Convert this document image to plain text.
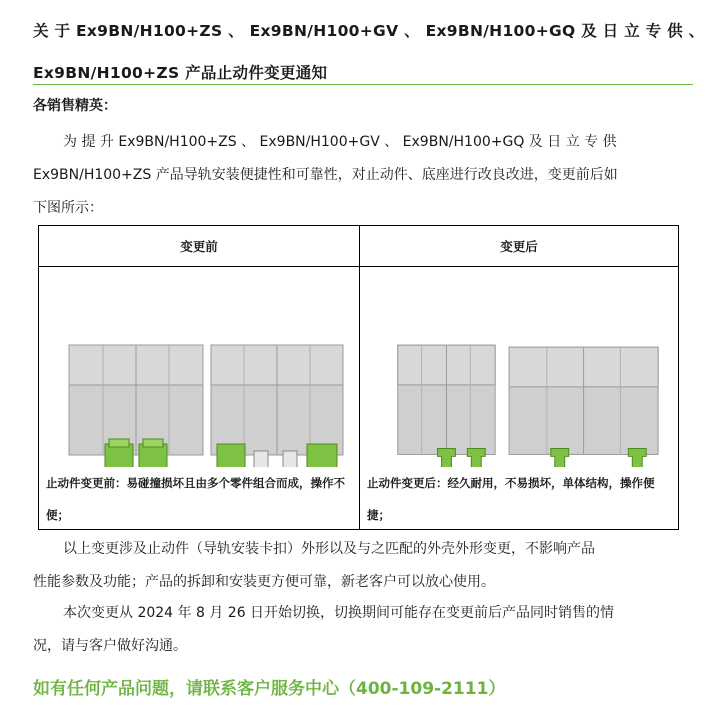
关 于 Ex9BN/H100+ZS 、 Ex9BN/H100+GV 、 Ex9BN/H100+GQ 及 日 立 专 供 、
Ex9BN/H100+ZS 产品止动件变更通知
各销售精英：
为 提 升 Ex9BN/H100+ZS 、 Ex9BN/H100+GV 、 Ex9BN/H100+GQ 及 日 立 专 供
Ex9BN/H100+ZS 产品导轨安装便捷性和可靠性，对止动件、底座进行改良改进，变更前后如
下图所示：
变更前	变更后

止动件变更前：易碰撞损坏且由多个零件组合而成，操作不便；	止动件变更后：经久耐用，不易损坏，单体结构，操作便捷；
以上变更涉及止动件（导轨安装卡扣）外形以及与之匹配的外壳外形变更，不影响产品
性能参数及功能；产品的拆卸和安装更方便可靠，新老客户可以放心使用。
本次变更从 2024 年 8 月 26 日开始切换，切换期间可能存在变更前后产品同时销售的情
况，请与客户做好沟通。
如有任何产品问题，请联系客户服务中心（400-109-2111）
